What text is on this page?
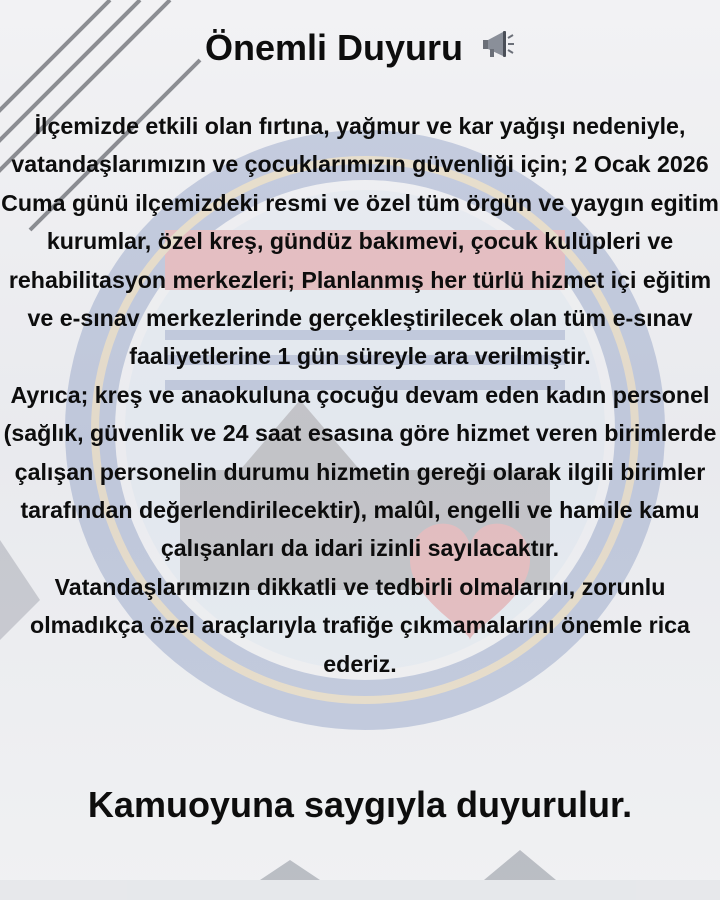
Önemli Duyuru

İlçemizde etkili olan fırtına, yağmur ve kar yağışı nedeniyle, vatandaşlarımızın ve çocuklarımızın güvenliği için; 2 Ocak 2026 Cuma günü ilçemizdeki resmi ve özel tüm örgün ve yaygın egitim kurumlar, özel kreş, gündüz bakımevi, çocuk kulüpleri ve rehabilitasyon merkezleri; Planlanmış her türlü hizmet içi eğitim ve e-sınav merkezlerinde gerçekleştirilecek olan tüm e-sınav faaliyetlerine 1 gün süreyle ara verilmiştir.

Ayrıca; kreş ve anaokuluna çocuğu devam eden kadın personel (sağlık, güvenlik ve 24 saat esasına göre hizmet veren birimlerde çalışan personelin durumu hizmetin gereği olarak ilgili birimler tarafından değerlendirilecektir), malûl, engelli ve hamile kamu çalışanları da idari izinli sayılacaktır.

Vatandaşlarımızın dikkatli ve tedbirli olmalarını, zorunlu olmadıkça özel araçlarıyla trafiğe çıkmamalarını önemle rica ederiz.

Kamuoyuna saygıyla duyurulur.
